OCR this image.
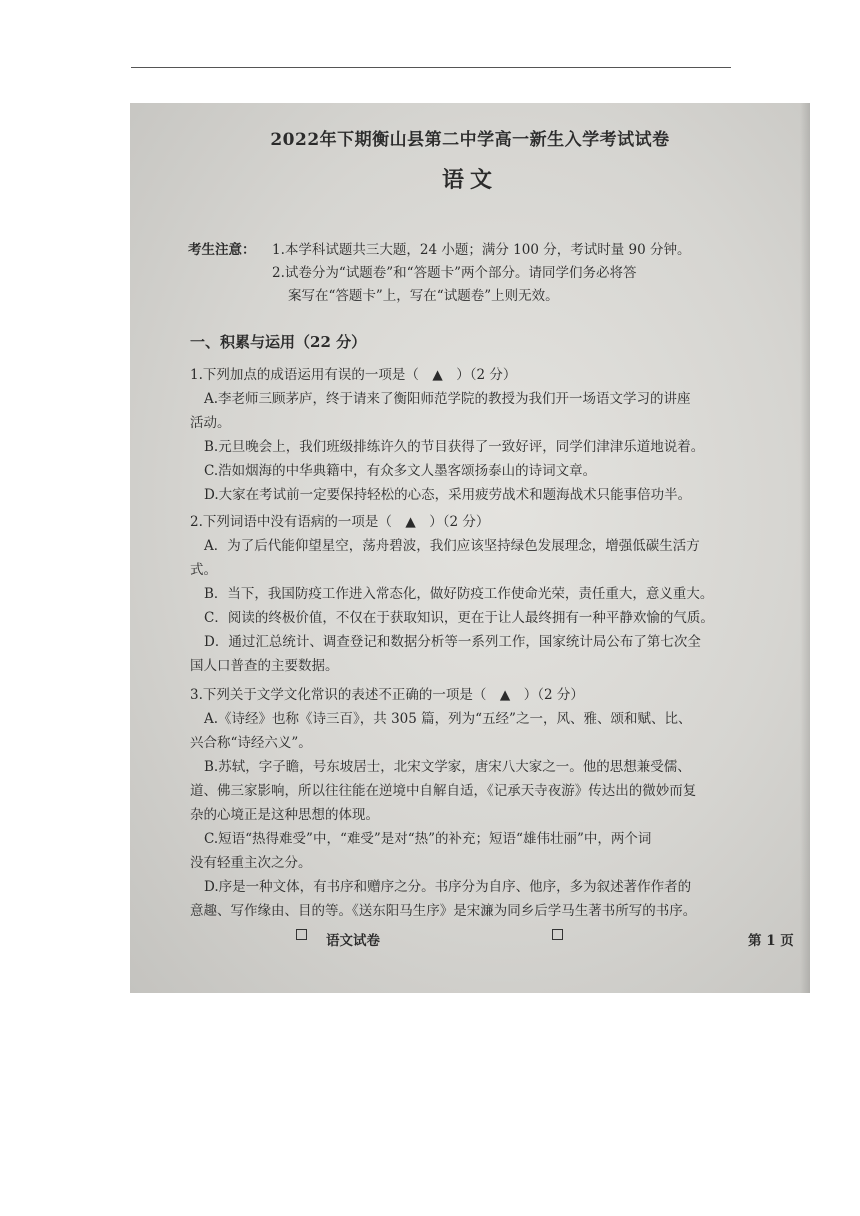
2022年下期衡山县第二中学高一新生入学考试试卷
语文
考生注意： 1.本学科试题共三大题，24 小题；满分 100 分，考试时量 90 分钟。
2.试卷分为“试题卷”和“答题卡”两个部分。请同学们务必将答
案写在“答题卡”上，写在“试题卷”上则无效。
一、积累与运用（22 分）

1.下列加点的成语运用有误的一项是（　▲　）（2 分）

A.李老师三顾茅庐，终于请来了衡阳师范学院的教授为我们开一场语文学习的讲座

活动。

B.元旦晚会上，我们班级排练许久的节目获得了一致好评，同学们津津乐道地说着。

C.浩如烟海的中华典籍中，有众多文人墨客颂扬泰山的诗词文章。

D.大家在考试前一定要保持轻松的心态，采用疲劳战术和题海战术只能事倍功半。

2.下列词语中没有语病的一项是（　▲　）（2 分）

A．为了后代能仰望星空，荡舟碧波，我们应该坚持绿色发展理念，增强低碳生活方

式。

B．当下，我国防疫工作进入常态化，做好防疫工作使命光荣，责任重大，意义重大。

C．阅读的终极价值，不仅在于获取知识，更在于让人最终拥有一种平静欢愉的气质。

D．通过汇总统计、调查登记和数据分析等一系列工作，国家统计局公布了第七次全

国人口普查的主要数据。

3.下列关于文学文化常识的表述不正确的一项是（　▲　）（2 分）

A.《诗经》也称《诗三百》，共 305 篇，列为“五经”之一，风、雅、颂和赋、比、

兴合称“诗经六义”。

B.苏轼，字子瞻，号东坡居士，北宋文学家，唐宋八大家之一。他的思想兼受儒、

道、佛三家影响，所以往往能在逆境中自解自适，《记承天寺夜游》传达出的微妙而复

杂的心境正是这种思想的体现。

C.短语“热得难受”中，“难受”是对“热”的补充；短语“雄伟壮丽”中，两个词

没有轻重主次之分。

D.序是一种文体，有书序和赠序之分。书序分为自序、他序，多为叙述著作作者的

意趣、写作缘由、目的等。《送东阳马生序》是宋濂为同乡后学马生著书所写的书序。

语文试卷	第 1 页
